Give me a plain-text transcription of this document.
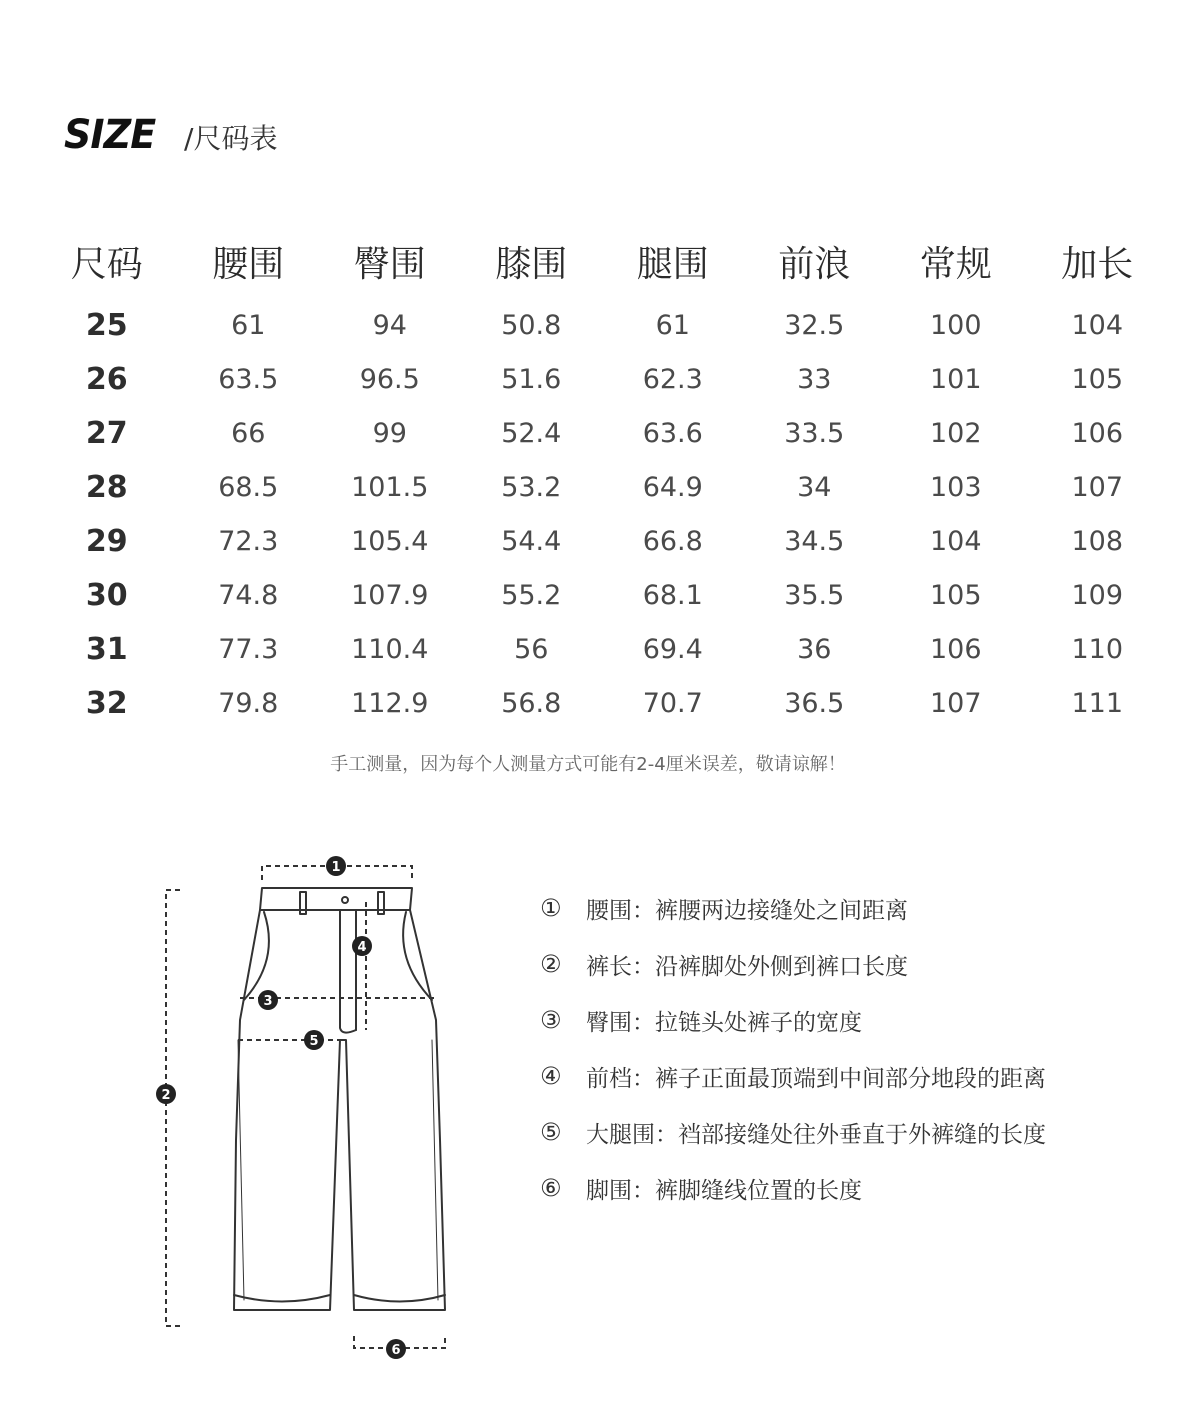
SIZE /尺码表
尺码	腰围	臀围	膝围	腿围	前浪	常规	加长
25	61	94	50.8	61	32.5	100	104
26	63.5	96.5	51.6	62.3	33	101	105
27	66	99	52.4	63.6	33.5	102	106
28	68.5	101.5	53.2	64.9	34	103	107
29	72.3	105.4	54.4	66.8	34.5	104	108
30	74.8	107.9	55.2	68.1	35.5	105	109
31	77.3	110.4	56	69.4	36	106	110
32	79.8	112.9	56.8	70.7	36.5	107	111
手工测量，因为每个人测量方式可能有2-4厘米误差，敬请谅解！
1
2
3
4
5
6
①	腰围：裤腰两边接缝处之间距离
②	裤长：沿裤脚处外侧到裤口长度
③	臀围：拉链头处裤子的宽度
④	前档：裤子正面最顶端到中间部分地段的距离
⑤	大腿围：裆部接缝处往外垂直于外裤缝的长度
⑥	脚围：裤脚缝线位置的长度
